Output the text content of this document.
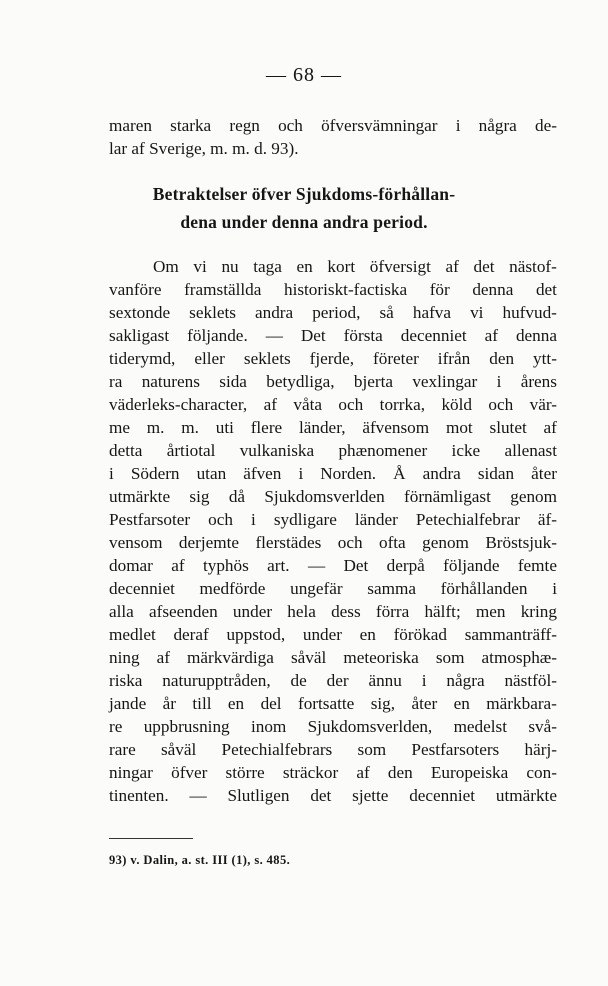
— 68 —
maren starka regn och öfversvämningar i några de-
lar af Sverige, m. m. d. 93).
Betraktelser öfver Sjukdoms-förhållan-
dena under denna andra period.
Om vi nu taga en kort öfversigt af det nästof-
vanföre framställda historiskt-factiska för denna det
sextonde seklets andra period, så hafva vi hufvud-
sakligast följande. — Det första decenniet af denna
tiderymd, eller seklets fjerde, företer ifrån den ytt-
ra naturens sida betydliga, bjerta vexlingar i årens
väderleks-character, af våta och torrka, köld och vär-
me m. m. uti flere länder, äfvensom mot slutet af
detta årtiotal vulkaniska phænomener icke allenast
i Södern utan äfven i Norden. Å andra sidan åter
utmärkte sig då Sjukdomsverlden förnämligast genom
Pestfarsoter och i sydligare länder Petechialfebrar äf-
vensom derjemte flerstädes och ofta genom Bröstsjuk-
domar af typhös art. — Det derpå följande femte
decenniet medförde ungefär samma förhållanden i
alla afseenden under hela dess förra hälft; men kring
medlet deraf uppstod, under en förökad sammanträff-
ning af märkvärdiga såväl meteoriska som atmosphæ-
riska naturupptråden, de der ännu i några nästföl-
jande år till en del fortsatte sig, åter en märkbara-
re uppbrusning inom Sjukdomsverlden, medelst svå-
rare såväl Petechialfebrars som Pestfarsoters härj-
ningar öfver större sträckor af den Europeiska con-
tinenten. — Slutligen det sjette decenniet utmärkte
93) v. Dalin, a. st. III (1), s. 485.
